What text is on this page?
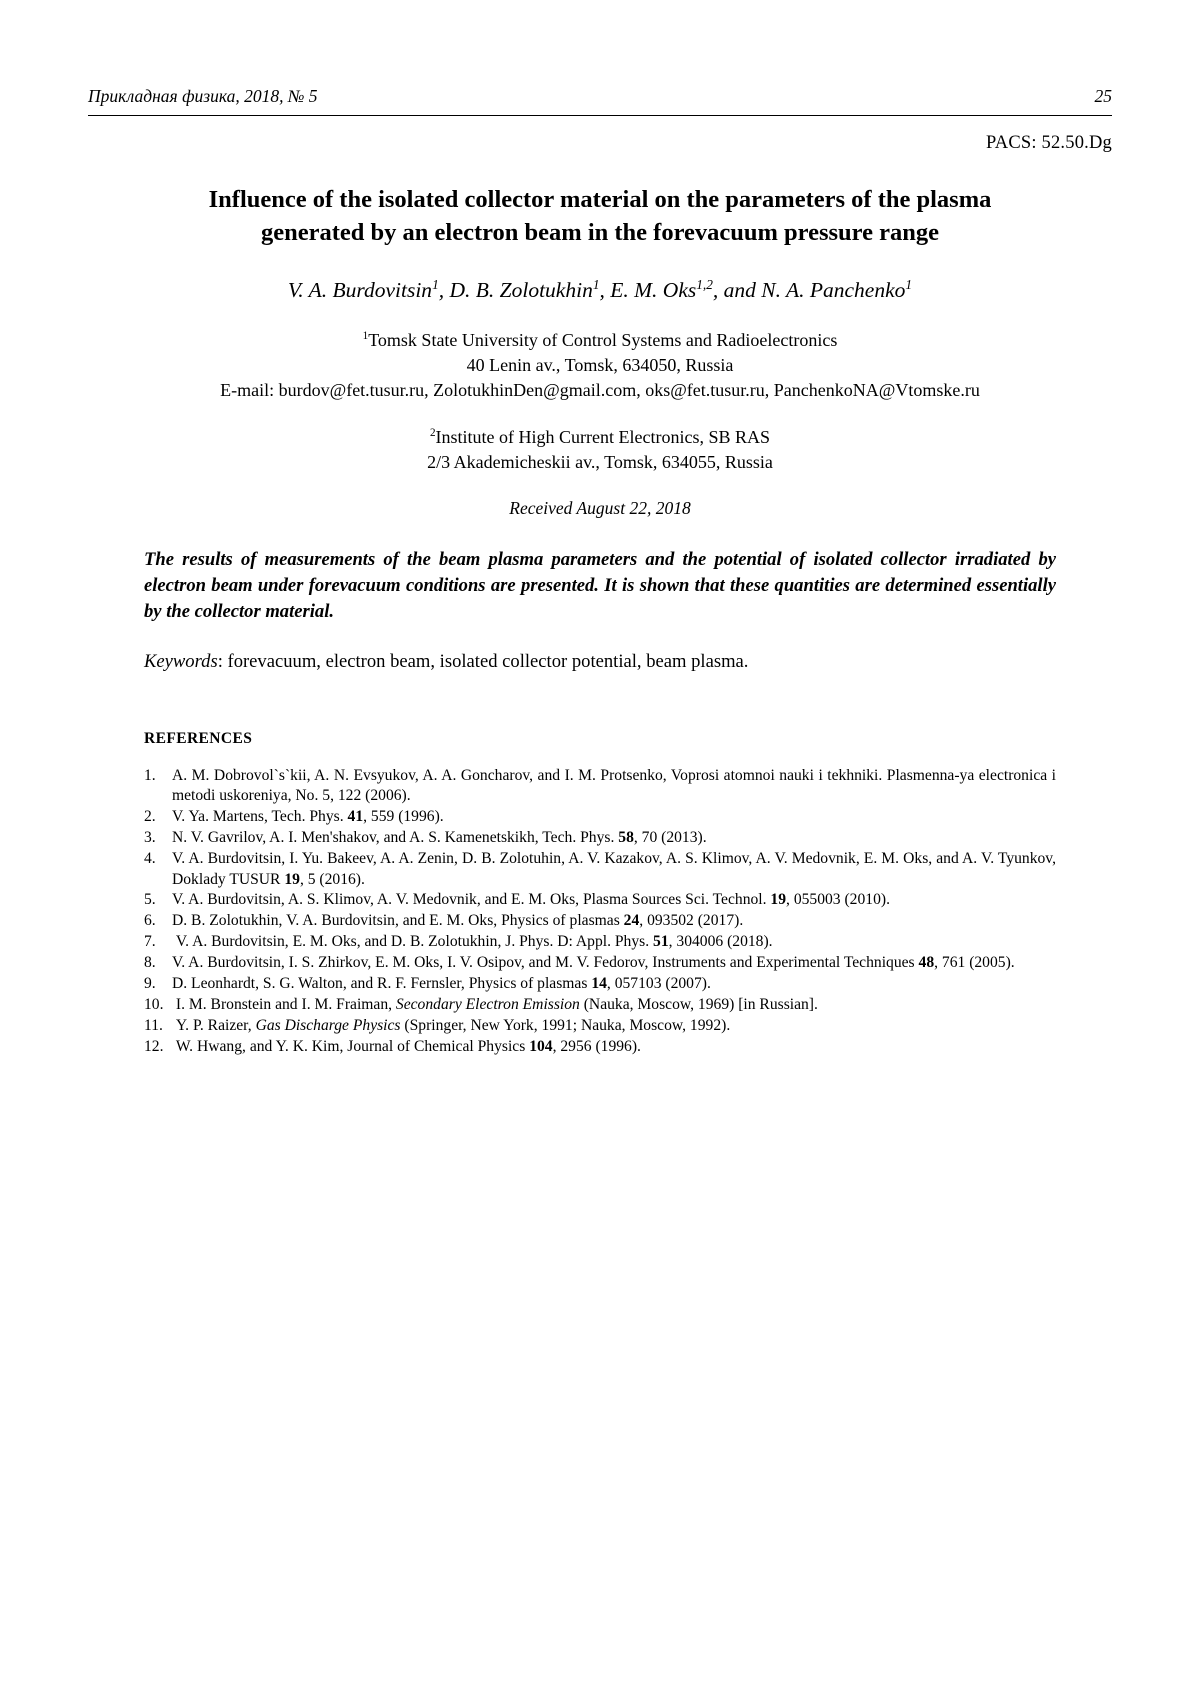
Прикладная физика, 2018, № 5	25
PACS: 52.50.Dg
Influence of the isolated collector material on the parameters of the plasma
generated by an electron beam in the forevacuum pressure range
V. A. Burdovitsin$^1$, D. B. Zolotukhin$^1$, E. M. Oks$^{1,2}$, and N. A. Panchenko$^1$
$^1$Tomsk State University of Control Systems and Radioelectronics
40 Lenin av., Tomsk, 634050, Russia
E-mail: burdov@fet.tusur.ru, ZolotukhinDen@gmail.com, oks@fet.tusur.ru, PanchenkoNA@Vtomske.ru
$^2$Institute of High Current Electronics, SB RAS
2/3 Akademicheskii av., Tomsk, 634055, Russia
Received August 22, 2018
The results of measurements of the beam plasma parameters and the potential of isolated collector irradiated by electron beam under forevacuum conditions are presented. It is shown that these quantities are determined essentially by the collector material.
Keywords: forevacuum, electron beam, isolated collector potential, beam plasma.
REFERENCES
1.	A. M. Dobrovol`s`kii, A. N. Evsyukov, A. A. Goncharov, and I. M. Protsenko, Voprosi atomnoi nauki i tekhniki. Plasmenna-ya electronica i metodi uskoreniya, No. 5, 122 (2006).
2.	V. Ya. Martens, Tech. Phys. 41, 559 (1996).
3.	N. V. Gavrilov, A. I. Men'shakov, and A. S. Kamenetskikh, Tech. Phys. 58, 70 (2013).
4.	V. A. Burdovitsin, I. Yu. Bakeev, A. A. Zenin, D. B. Zolotuhin, A. V. Kazakov, A. S. Klimov, A. V. Medovnik, E. M. Oks, and A. V. Tyunkov, Doklady TUSUR 19, 5 (2016).
5.	V. A. Burdovitsin, A. S. Klimov, A. V. Medovnik, and E. M. Oks, Plasma Sources Sci. Technol. 19, 055003 (2010).
6.	D. B. Zolotukhin, V. A. Burdovitsin, and E. M. Oks, Physics of plasmas 24, 093502 (2017).
7.	V. A. Burdovitsin, E. M. Oks, and D. B. Zolotukhin, J. Phys. D: Appl. Phys. 51, 304006 (2018).
8.	V. A. Burdovitsin, I. S. Zhirkov, E. M. Oks, I. V. Osipov, and M. V. Fedorov, Instruments and Experimental Techniques 48, 761 (2005).
9.	D. Leonhardt, S. G. Walton, and R. F. Fernsler, Physics of plasmas 14, 057103 (2007).
10. I. M. Bronstein and I. M. Fraiman, Secondary Electron Emission (Nauka, Moscow, 1969) [in Russian].
11. Y. P. Raizer, Gas Discharge Physics (Springer, New York, 1991; Nauka, Moscow, 1992).
12. W. Hwang, and Y. K. Kim, Journal of Chemical Physics 104, 2956 (1996).
